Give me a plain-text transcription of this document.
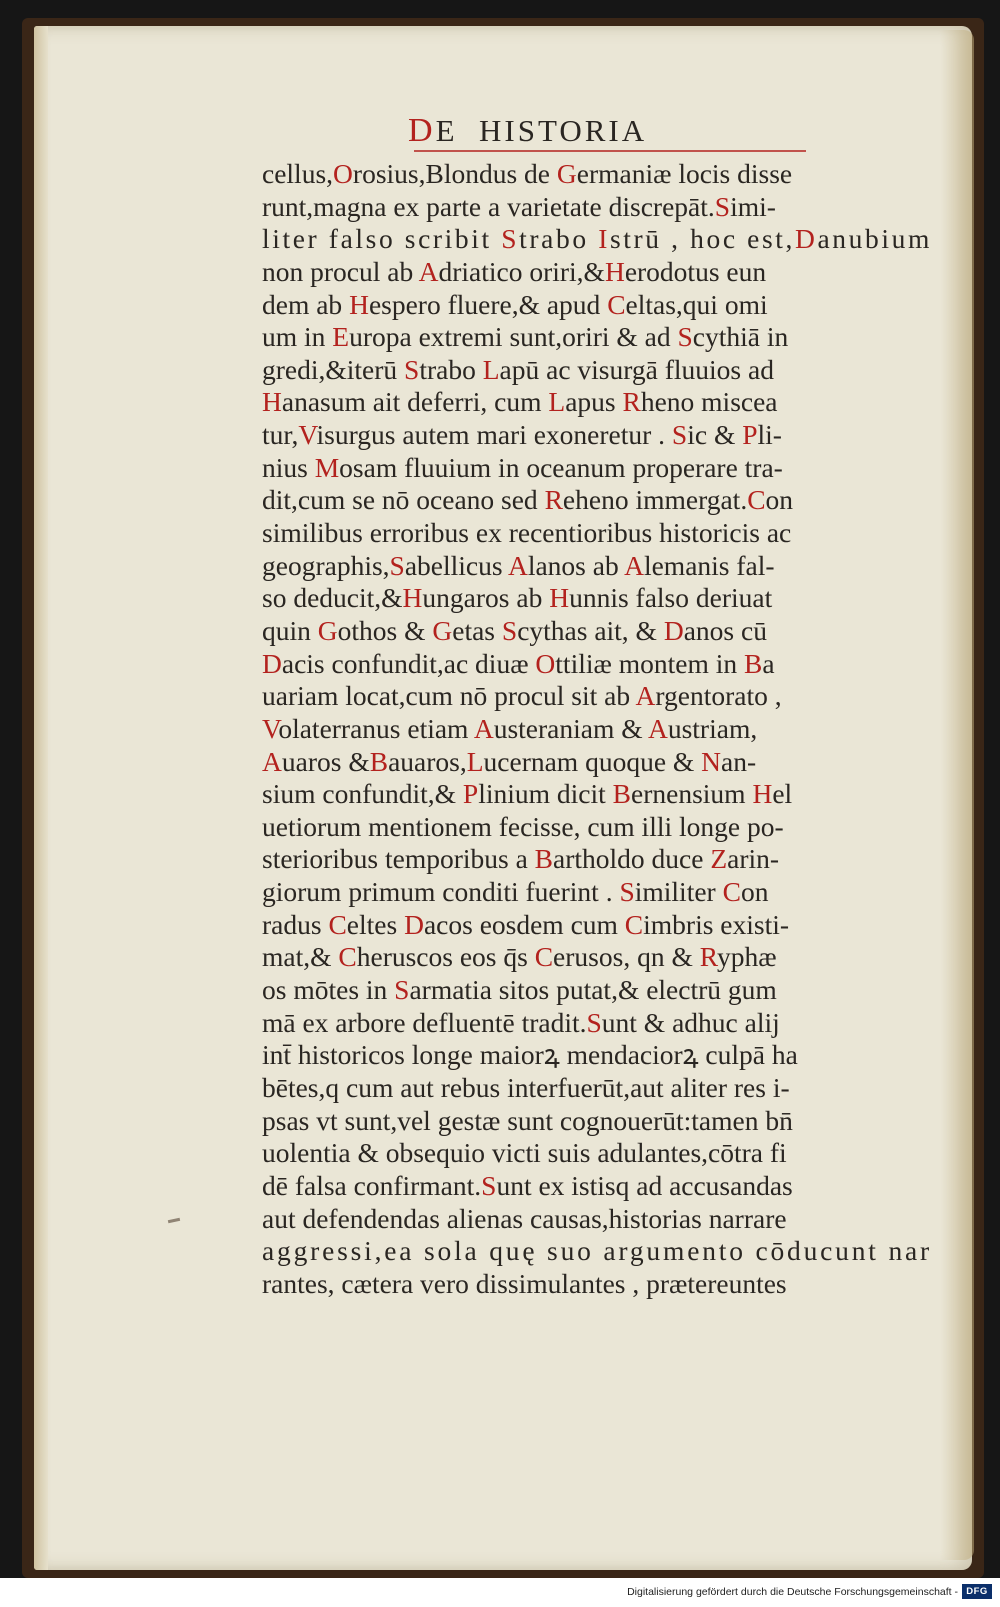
DE  HISTORIA
cellus,Orosius,Blondus de Germaniæ locis disse
runt,magna ex parte a varietate discrepāt.Simi-
liter falso scribit Strabo Istrū , hoc est,Danubium
non procul ab Adriatico oriri,&Herodotus eun
dem ab Hespero fluere,& apud Celtas,qui omi
um in Europa extremi sunt,oriri & ad Scythiā in
gredi,&iterū Strabo Lapū ac visurgā fluuios ad
Hanasum ait deferri, cum Lapus Rheno miscea
tur,Visurgus autem mari exoneretur . Sic & Pli-
nius Mosam fluuium in oceanum properare tra-
dit,cum se nō oceano sed Reheno immergat.Con
similibus erroribus ex recentioribus historicis ac
geographis,Sabellicus Alanos ab Alemanis fal-
so deducit,&Hungaros ab Hunnis falso deriuat
quin Gothos & Getas Scythas ait, & Danos cū
Dacis confundit,ac diuæ Ottiliæ montem in Ba
uariam locat,cum nō procul sit ab Argentorato ,
Volaterranus etiam Austeraniam & Austriam,
Auaros &Bauaros,Lucernam quoque & Nan-
sium confundit,& Plinium dicit Bernensium Hel
uetiorum mentionem fecisse, cum illi longe po-
sterioribus temporibus a Bartholdo duce Zarin-
giorum primum conditi fuerint . Similiter Con
radus Celtes Dacos eosdem cum Cimbris existi-
mat,& Cheruscos eos q̄s Cerusos, qn & Ryphæ
os mōtes in Sarmatia sitos putat,& electrū gum
mā ex arbore defluentē tradit.Sunt & adhuc alij
int̄ historicos longe maiorꝝ mendaciorꝝ culpā ha
bētes,q cum aut rebus interfuerūt,aut aliter res i-
psas vt sunt,vel gestæ sunt cognouerūt:tamen bn̄
uolentia & obsequio victi suis adulantes,cōtra fi
dē falsa confirmant.Sunt ex istisq ad accusandas
aut defendendas alienas causas,historias narrare
aggressi,ea sola quę suo argumento cōducunt nar
rantes, cætera vero dissimulantes , prætereuntes
Digitalisierung gefördert durch die Deutsche Forschungsgemeinschaft - DFG
